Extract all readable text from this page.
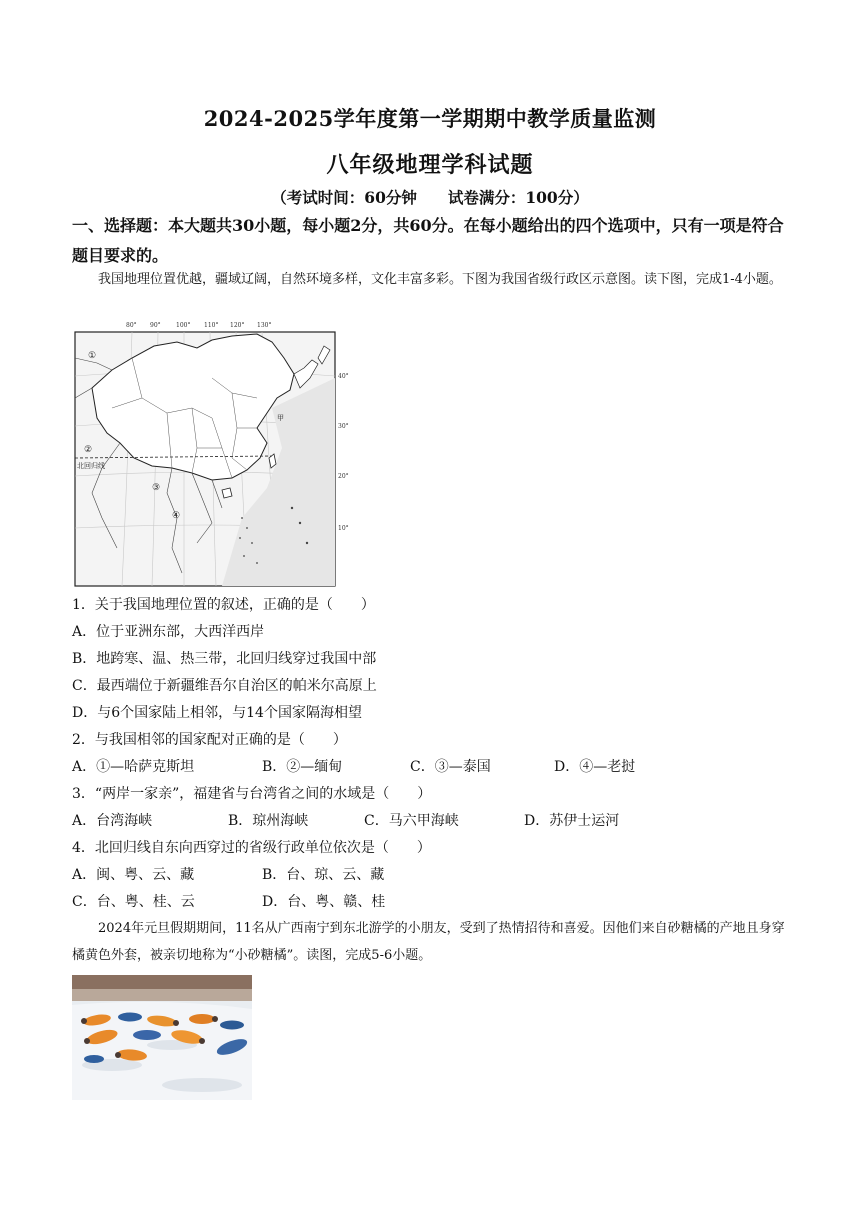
2024-2025学年度第一学期期中教学质量监测
八年级地理学科试题
（考试时间：60分钟　　试卷满分：100分）
一、选择题：本大题共30小题，每小题2分，共60分。在每小题给出的四个选项中，只有一项是符合题目要求的。
我国地理位置优越，疆域辽阔，自然环境多样，文化丰富多彩。下图为我国省级行政区示意图。读下图，完成1-4小题。
80° 90°	100° 110° 120° 130°
北回归线
①
②
③
④
甲
40°
30°
20°
10°
1．关于我国地理位置的叙述，正确的是（　　）
A．位于亚洲东部，大西洋西岸
B．地跨寒、温、热三带，北回归线穿过我国中部
C．最西端位于新疆维吾尔自治区的帕米尔高原上
D．与6个国家陆上相邻，与14个国家隔海相望
2．与我国相邻的国家配对正确的是（　　）
A．①—哈萨克斯坦	B．②—缅甸	C．③—泰国	D．④—老挝
3．“两岸一家亲”，福建省与台湾省之间的水域是（　　）
A．台湾海峡	B．琼州海峡	C．马六甲海峡	D．苏伊士运河
4．北回归线自东向西穿过的省级行政单位依次是（　　）
A．闽、粤、云、藏	B．台、琼、云、藏
C．台、粤、桂、云	D．台、粤、赣、桂
2024年元旦假期期间，11名从广西南宁到东北游学的小朋友，受到了热情招待和喜爱。因他们来自砂糖橘的产地且身穿橘黄色外套，被亲切地称为“小砂糖橘”。读图，完成5-6小题。
